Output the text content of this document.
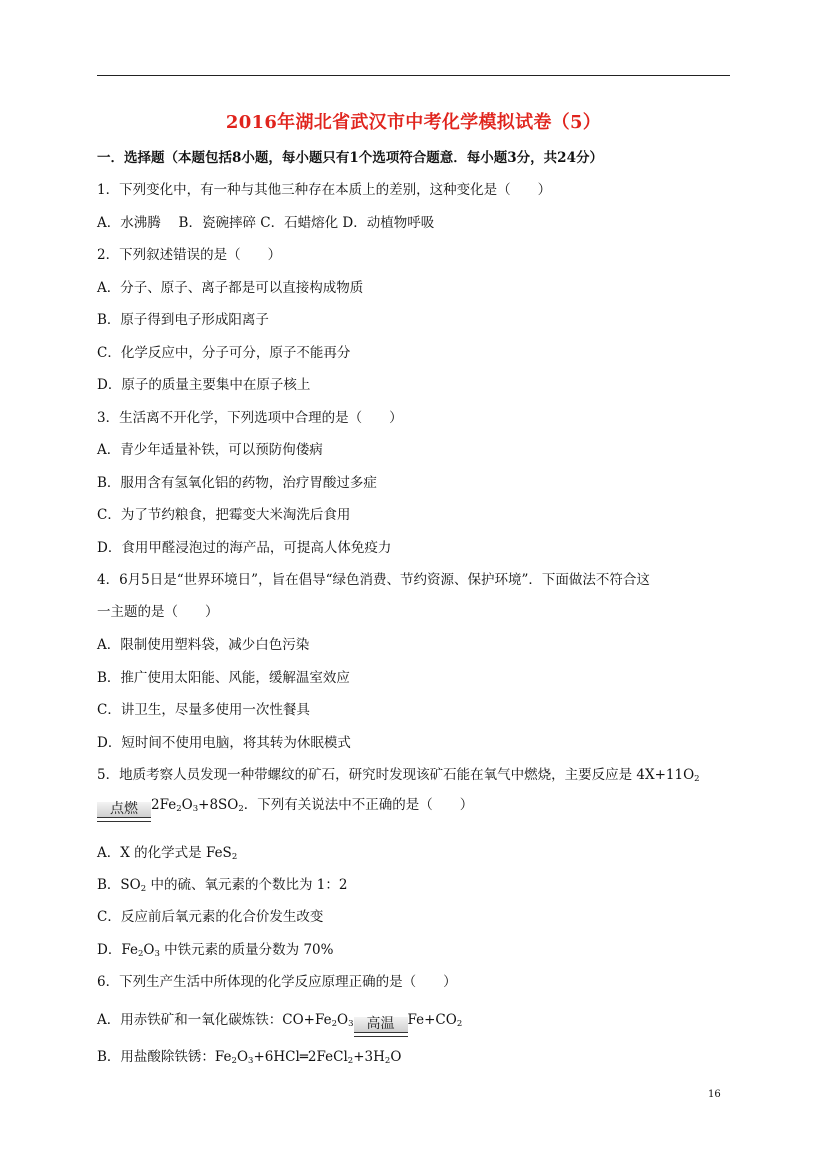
2016年湖北省武汉市中考化学模拟试卷（5）
一．选择题（本题包括8小题，每小题只有1个选项符合题意．每小题3分，共24分）
1．下列变化中，有一种与其他三种存在本质上的差别，这种变化是（　　）
A．水沸腾　 B．瓷碗摔碎 C．石蜡熔化 D．动植物呼吸
2．下列叙述错误的是（　　）
A．分子、原子、离子都是可以直接构成物质
B．原子得到电子形成阳离子
C．化学反应中，分子可分，原子不能再分
D．原子的质量主要集中在原子核上
3．生活离不开化学，下列选项中合理的是（　　）
A．青少年适量补铁，可以预防佝偻病
B．服用含有氢氧化铝的药物，治疗胃酸过多症
C．为了节约粮食，把霉变大米淘洗后食用
D．食用甲醛浸泡过的海产品，可提高人体免疫力
4．6月5日是“世界环境日”，旨在倡导“绿色消费、节约资源、保护环境”．下面做法不符合这
一主题的是（　　）
B．推广使用太阳能、风能，缓解温室效应
A．限制使用塑料袋，减少白色污染
C．讲卫生，尽量多使用一次性餐具
D．短时间不使用电脑，将其转为休眠模式
5．地质考察人员发现一种带螺纹的矿石，研究时发现该矿石能在氧气中燃烧，主要反应是 $4X+11O_2$
点燃 $2Fe_2O_3+8SO_2$．下列有关说法中不正确的是（　　）
A．X 的化学式是 FeS$_2$
B．$SO_2$ 中的硫、氧元素的个数比为 1：2
C．反应前后氧元素的化合价发生改变
D．$Fe_2O_3$ 中铁元素的质量分数为 70%
6．下列生产生活中所体现的化学反应原理正确的是（　　）
A．用赤铁矿和一氧化碳炼铁：$CO+Fe_2O_3$ 高温 $Fe+CO_2$
B．用盐酸除铁锈：$Fe_2O_3+6HCl═2FeCl_2+3H_2O$
16
